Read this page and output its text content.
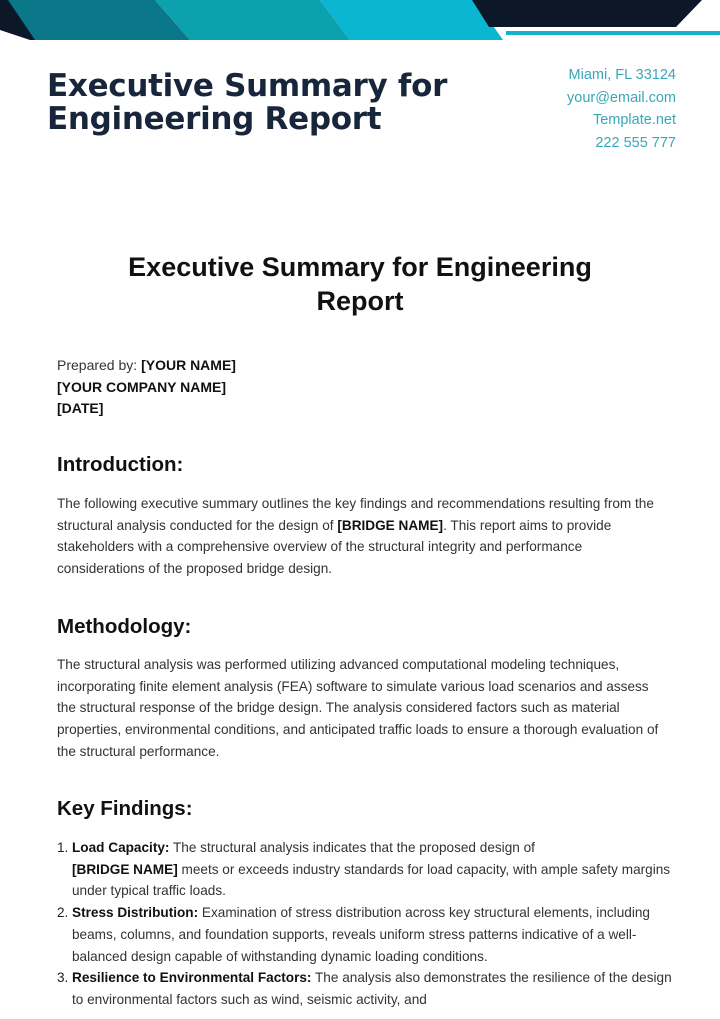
Executive Summary for
Engineering Report
Miami, FL 33124
your@email.com
Template.net
222 555 777
Executive Summary for Engineering
Report
Prepared by: [YOUR NAME]
[YOUR COMPANY NAME]
[DATE]
Introduction:

The following executive summary outlines the key findings and recommendations resulting from the structural analysis conducted for the design of [BRIDGE NAME]. This report aims to provide stakeholders with a comprehensive overview of the structural integrity and performance considerations of the proposed bridge design.

Methodology:

The structural analysis was performed utilizing advanced computational modeling techniques, incorporating finite element analysis (FEA) software to simulate various load scenarios and assess the structural response of the bridge design. The analysis considered factors such as material properties, environmental conditions, and anticipated traffic loads to ensure a thorough evaluation of the structural performance.

Key Findings:
1. Load Capacity: The structural analysis indicates that the proposed design of
[BRIDGE NAME] meets or exceeds industry standards for load capacity, with ample safety margins under typical traffic loads.
2. Stress Distribution: Examination of stress distribution across key structural elements, including beams, columns, and foundation supports, reveals uniform stress patterns indicative of a well-balanced design capable of withstanding dynamic loading conditions.
3. Resilience to Environmental Factors: The analysis also demonstrates the resilience of the design to environmental factors such as wind, seismic activity, and
